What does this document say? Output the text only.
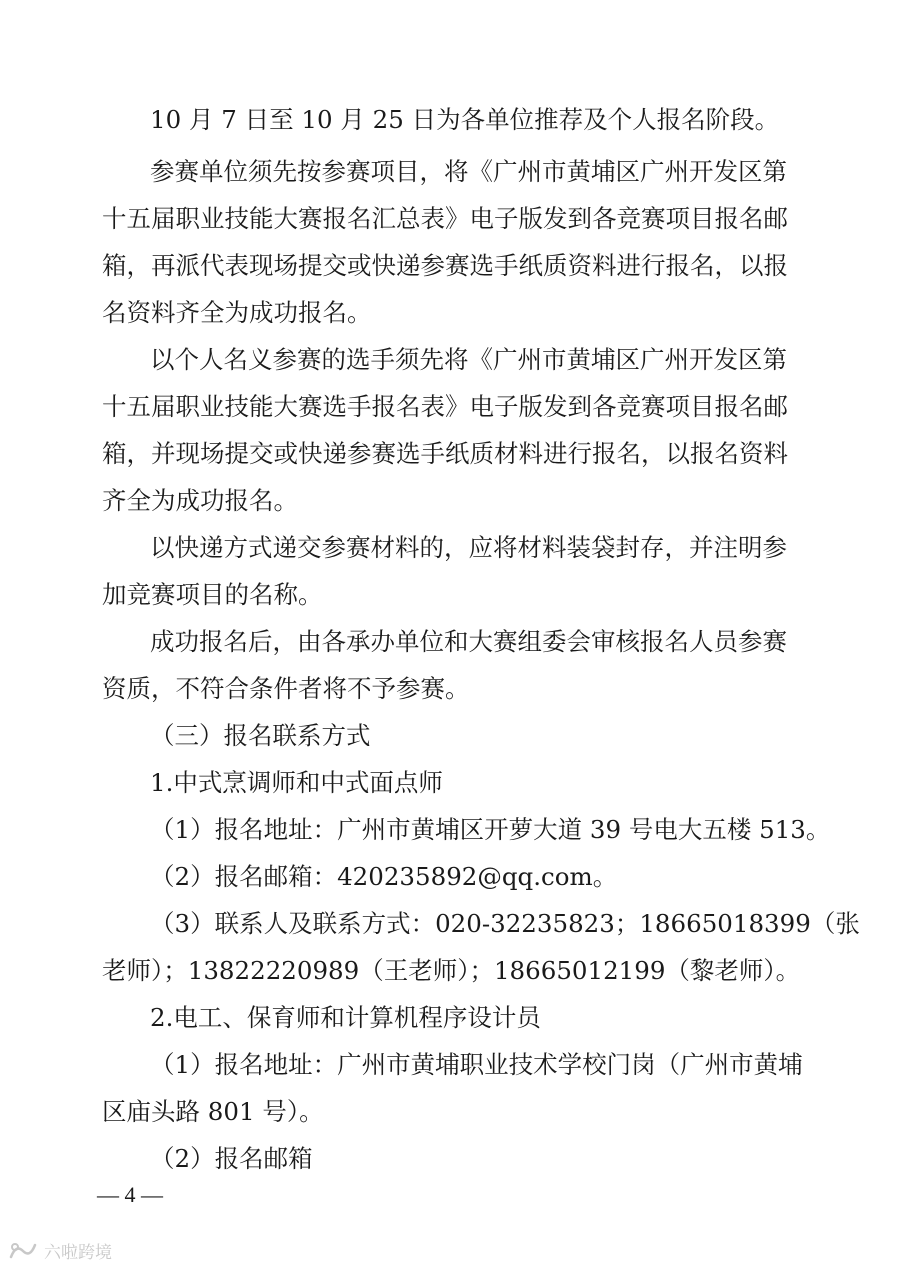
10 月 7 日至 10 月 25 日为各单位推荐及个人报名阶段。
参 赛 单 位 须 先 按 参 赛 项 目 ， 将 《 广 州 市 黄 埔 区 广 州 开 发 区 第
十 五 届 职 业 技 能 大 赛 报 名 汇 总 表 》 电 子 版 发 到 各 竞 赛 项 目 报 名 邮
箱 ， 再 派 代 表 现 场 提 交 或 快 递 参 赛 选 手 纸 质 资 料 进 行 报 名 ， 以 报
名资料齐全为成功报名。
以 个 人 名 义 参 赛 的 选 手 须 先 将 《 广 州 市 黄 埔 区 广 州 开 发 区 第
十 五 届 职 业 技 能 大 赛 选 手 报 名 表 》 电 子 版 发 到 各 竞 赛 项 目 报 名 邮
箱 ， 并 现 场 提 交 或 快 递 参 赛 选 手 纸 质 材 料 进 行 报 名 ， 以 报 名 资 料
齐全为成功报名。
以 快 递 方 式 递 交 参 赛 材 料 的 ， 应 将 材 料 装 袋 封 存 ， 并 注 明 参
加竞赛项目的名称。
成 功 报 名 后 ， 由 各 承 办 单 位 和 大 赛 组 委 会 审 核 报 名 人 员 参 赛
资质，不符合条件者将不予参赛。
（三）报名联系方式
1.中式烹调师和中式面点师
（1）报名地址：广州市黄埔区开萝大道 39 号电大五楼 513。
（2）报名邮箱：420235892@qq.com。
（ 3 ） 联 系 人 及 联 系 方 式 ： 020-32235823 ； 18665018399 （ 张
老师）；13822220989（王老师）；18665012199（黎老师）。
2.电工、保育师和计算机程序设计员
（ 1 ） 报 名 地 址 ： 广 州 市 黄 埔 职 业 技 术 学 校 门 岗 （ 广 州 市 黄 埔
区庙头路 801 号）。
（2）报名邮箱
— 4 —
六啦跨境
